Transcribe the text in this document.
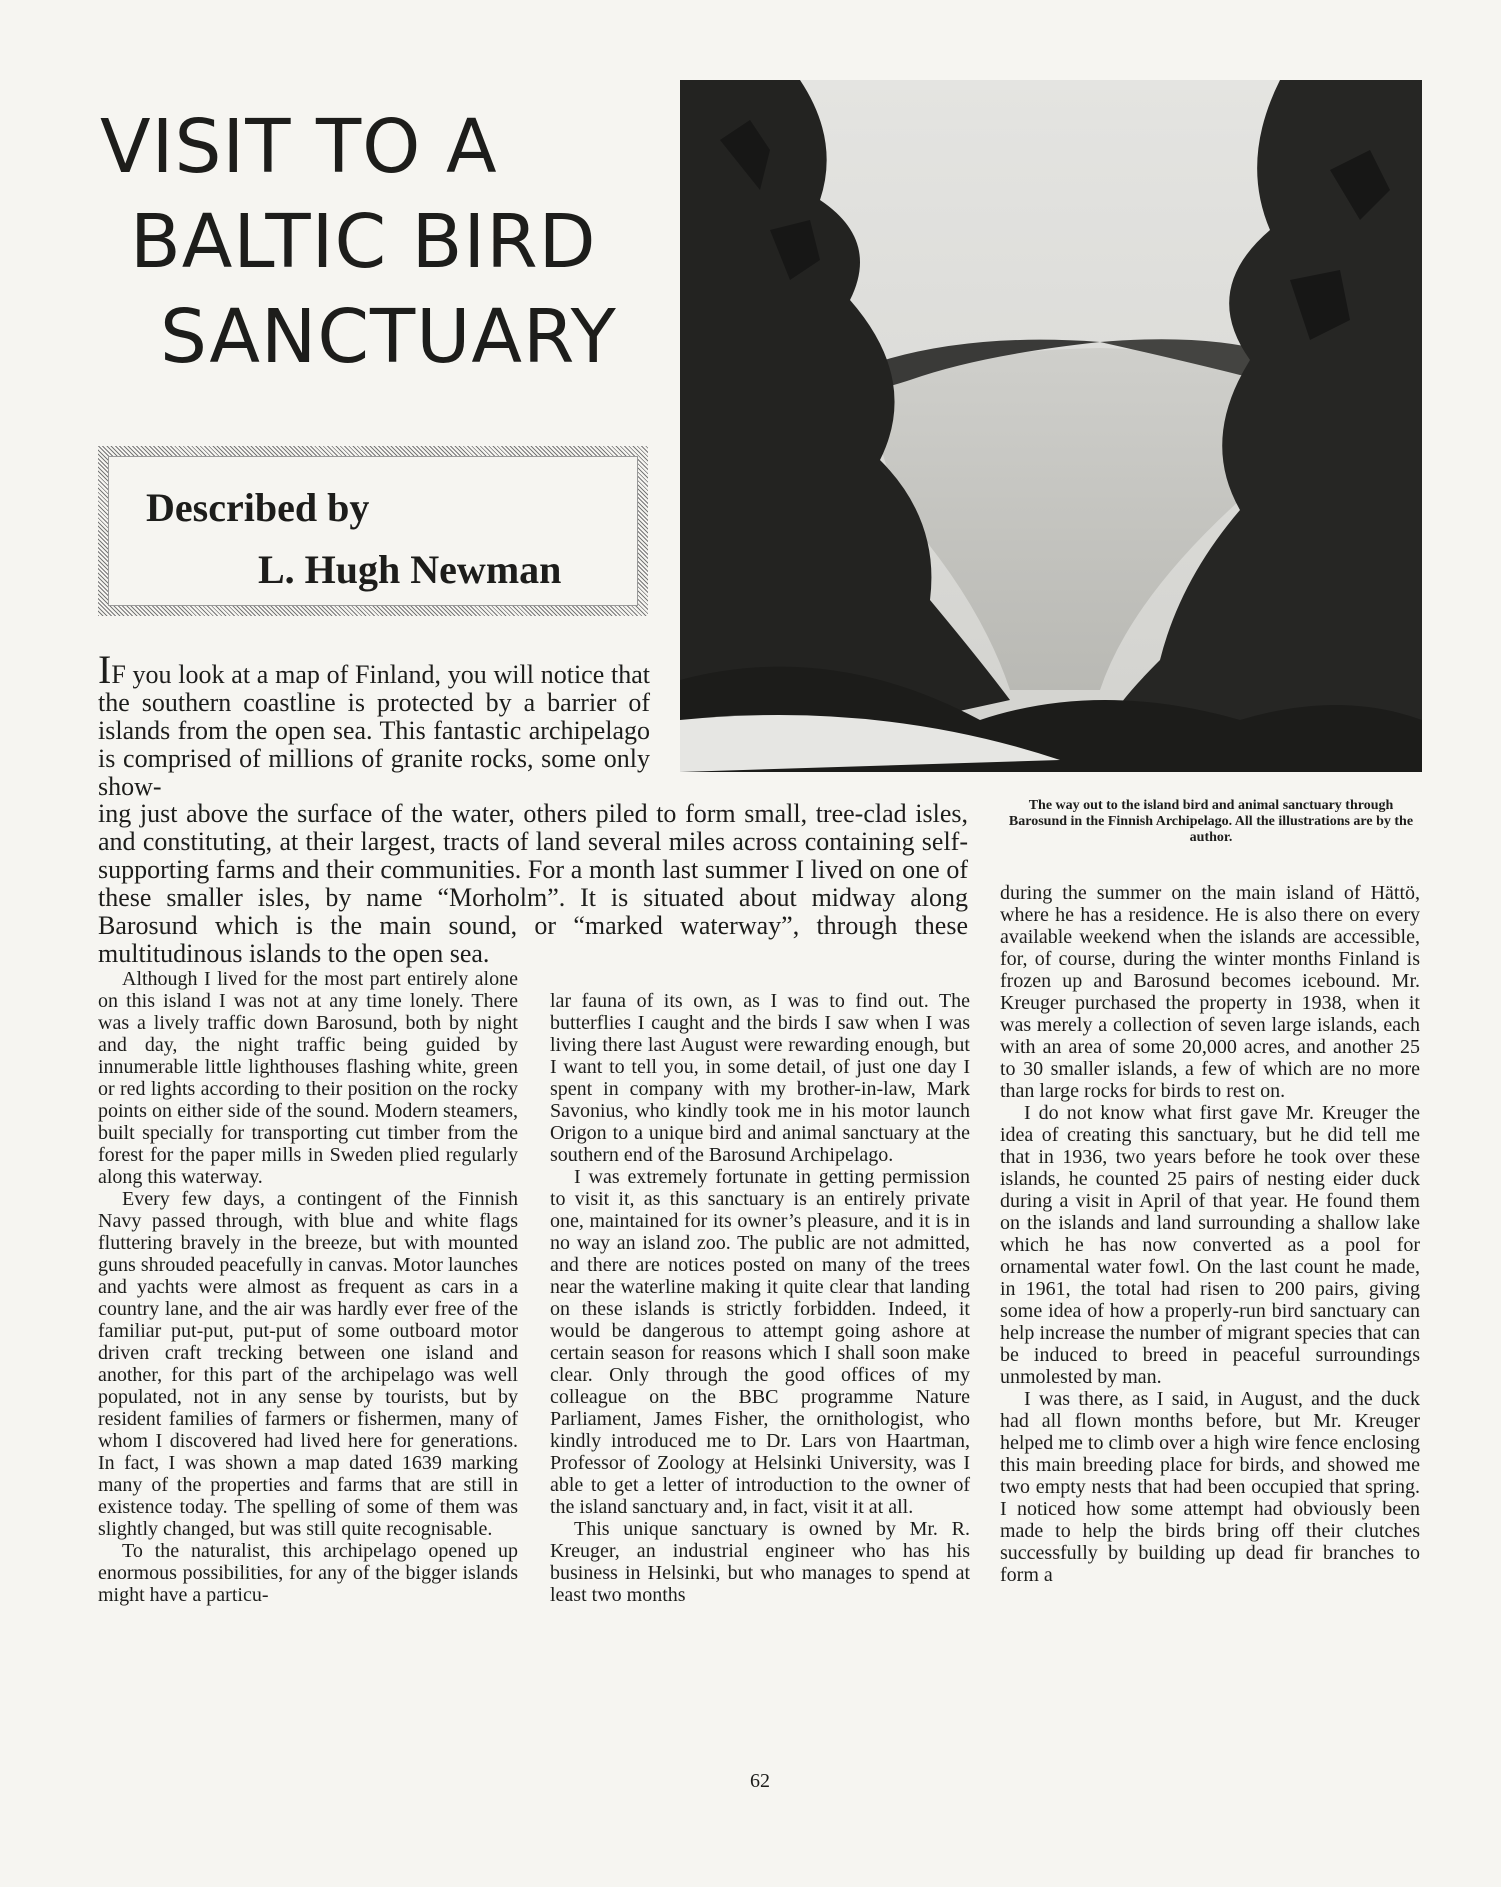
VISIT TO A
BALTIC BIRD
SANCTUARY
Described by
L. Hugh Newman
The way out to the island bird and animal sanctuary through Barosund in the Finnish Archipelago. All the illustrations are by the author.

IF you look at a map of Finland, you will notice that the southern coastline is protected by a barrier of islands from the open sea. This fantastic archipelago is comprised of millions of granite rocks, some only show-

ing just above the surface of the water, others piled to form small, tree-clad isles, and constituting, at their largest, tracts of land several miles across containing self-supporting farms and their communities. For a month last summer I lived on one of these smaller isles, by name “Morholm”. It is situated about midway along Barosund which is the main sound, or “marked waterway”, through these multitudinous islands to the open sea.

Although I lived for the most part entirely alone on this island I was not at any time lonely. There was a lively traffic down Barosund, both by night and day, the night traffic being guided by innumerable little lighthouses flashing white, green or red lights according to their position on the rocky points on either side of the sound. Modern steamers, built specially for transporting cut timber from the forest for the paper mills in Sweden plied regularly along this waterway.

Every few days, a contingent of the Finnish Navy passed through, with blue and white flags fluttering bravely in the breeze, but with mounted guns shrouded peacefully in canvas. Motor launches and yachts were almost as frequent as cars in a country lane, and the air was hardly ever free of the familiar put-put, put-put of some outboard motor driven craft trecking between one island and another, for this part of the archipelago was well populated, not in any sense by tourists, but by resident families of farmers or fishermen, many of whom I discovered had lived here for generations. In fact, I was shown a map dated 1639 marking many of the properties and farms that are still in existence today. The spelling of some of them was slightly changed, but was still quite recognisable.

To the naturalist, this archipelago opened up enormous possibilities, for any of the bigger islands might have a particu-

lar fauna of its own, as I was to find out. The butterflies I caught and the birds I saw when I was living there last August were rewarding enough, but I want to tell you, in some detail, of just one day I spent in company with my brother-in-law, Mark Savonius, who kindly took me in his motor launch Origon to a unique bird and animal sanctuary at the southern end of the Barosund Archipelago.

I was extremely fortunate in getting permission to visit it, as this sanctuary is an entirely private one, maintained for its owner’s pleasure, and it is in no way an island zoo. The public are not admitted, and there are notices posted on many of the trees near the waterline making it quite clear that landing on these islands is strictly forbidden. Indeed, it would be dangerous to attempt going ashore at certain season for reasons which I shall soon make clear. Only through the good offices of my colleague on the BBC programme Nature Parliament, James Fisher, the ornithologist, who kindly introduced me to Dr. Lars von Haartman, Professor of Zoology at Helsinki University, was I able to get a letter of introduction to the owner of the island sanctuary and, in fact, visit it at all.

This unique sanctuary is owned by Mr. R. Kreuger, an industrial engineer who has his business in Helsinki, but who manages to spend at least two months

during the summer on the main island of Hättö, where he has a residence. He is also there on every available weekend when the islands are accessible, for, of course, during the winter months Finland is frozen up and Barosund becomes icebound. Mr. Kreuger purchased the property in 1938, when it was merely a collection of seven large islands, each with an area of some 20,000 acres, and another 25 to 30 smaller islands, a few of which are no more than large rocks for birds to rest on.

I do not know what first gave Mr. Kreuger the idea of creating this sanctuary, but he did tell me that in 1936, two years before he took over these islands, he counted 25 pairs of nesting eider duck during a visit in April of that year. He found them on the islands and land surrounding a shallow lake which he has now converted as a pool for ornamental water fowl. On the last count he made, in 1961, the total had risen to 200 pairs, giving some idea of how a properly-run bird sanctuary can help increase the number of migrant species that can be induced to breed in peaceful surroundings unmolested by man.

I was there, as I said, in August, and the duck had all flown months before, but Mr. Kreuger helped me to climb over a high wire fence enclosing this main breeding place for birds, and showed me two empty nests that had been occupied that spring. I noticed how some attempt had obviously been made to help the birds bring off their clutches successfully by building up dead fir branches to form a

62
